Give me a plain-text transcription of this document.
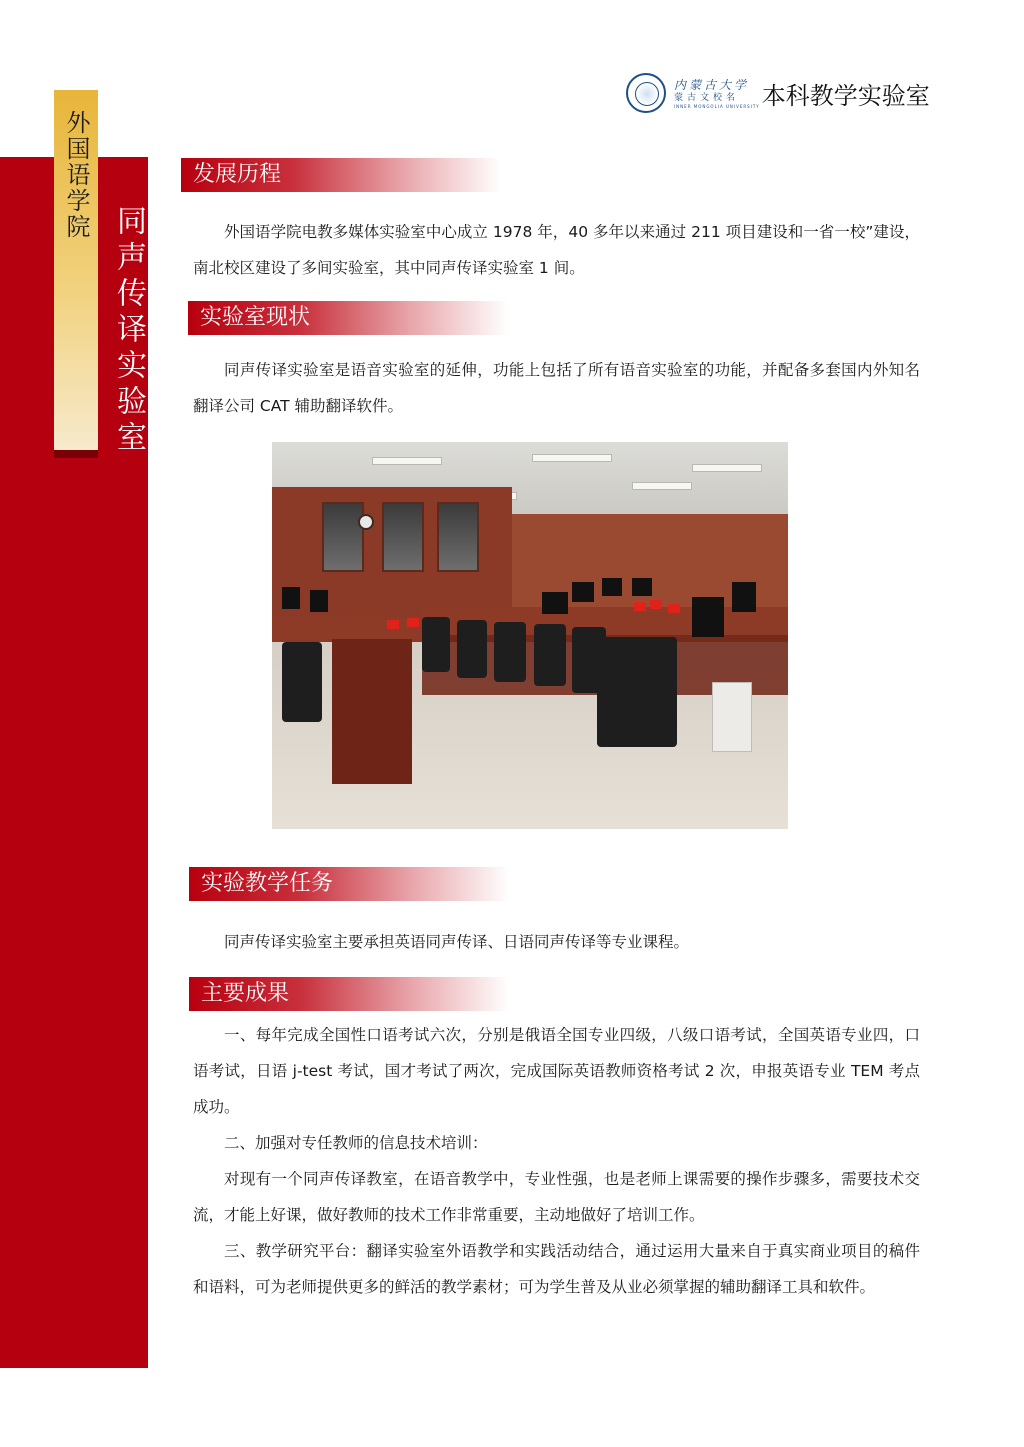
外国语学院
同声传译实验室
内蒙古大学
蒙古文校名
INNER MONGOLIA UNIVERSITY 本科教学实验室
发展历程

外国语学院电教多媒体实验室中心成立 1978 年，40 多年以来通过 211 项目建设和一省一校”建设，南北校区建设了多间实验室，其中同声传译实验室 1 间。

实验室现状

同声传译实验室是语音实验室的延伸，功能上包括了所有语音实验室的功能，并配备多套国内外知名翻译公司 CAT 辅助翻译软件。

实验教学任务

同声传译实验室主要承担英语同声传译、日语同声传译等专业课程。

主要成果

一、每年完成全国性口语考试六次，分别是俄语全国专业四级，八级口语考试，全国英语专业四，口语考试，日语 j-test 考试，国才考试了两次，完成国际英语教师资格考试 2 次，申报英语专业 TEM 考点成功。

二、加强对专任教师的信息技术培训：

对现有一个同声传译教室，在语音教学中，专业性强，也是老师上课需要的操作步骤多，需要技术交流，才能上好课，做好教师的技术工作非常重要，主动地做好了培训工作。

三、教学研究平台：翻译实验室外语教学和实践活动结合，通过运用大量来自于真实商业项目的稿件和语料，可为老师提供更多的鲜活的教学素材；可为学生普及从业必须掌握的辅助翻译工具和软件。
